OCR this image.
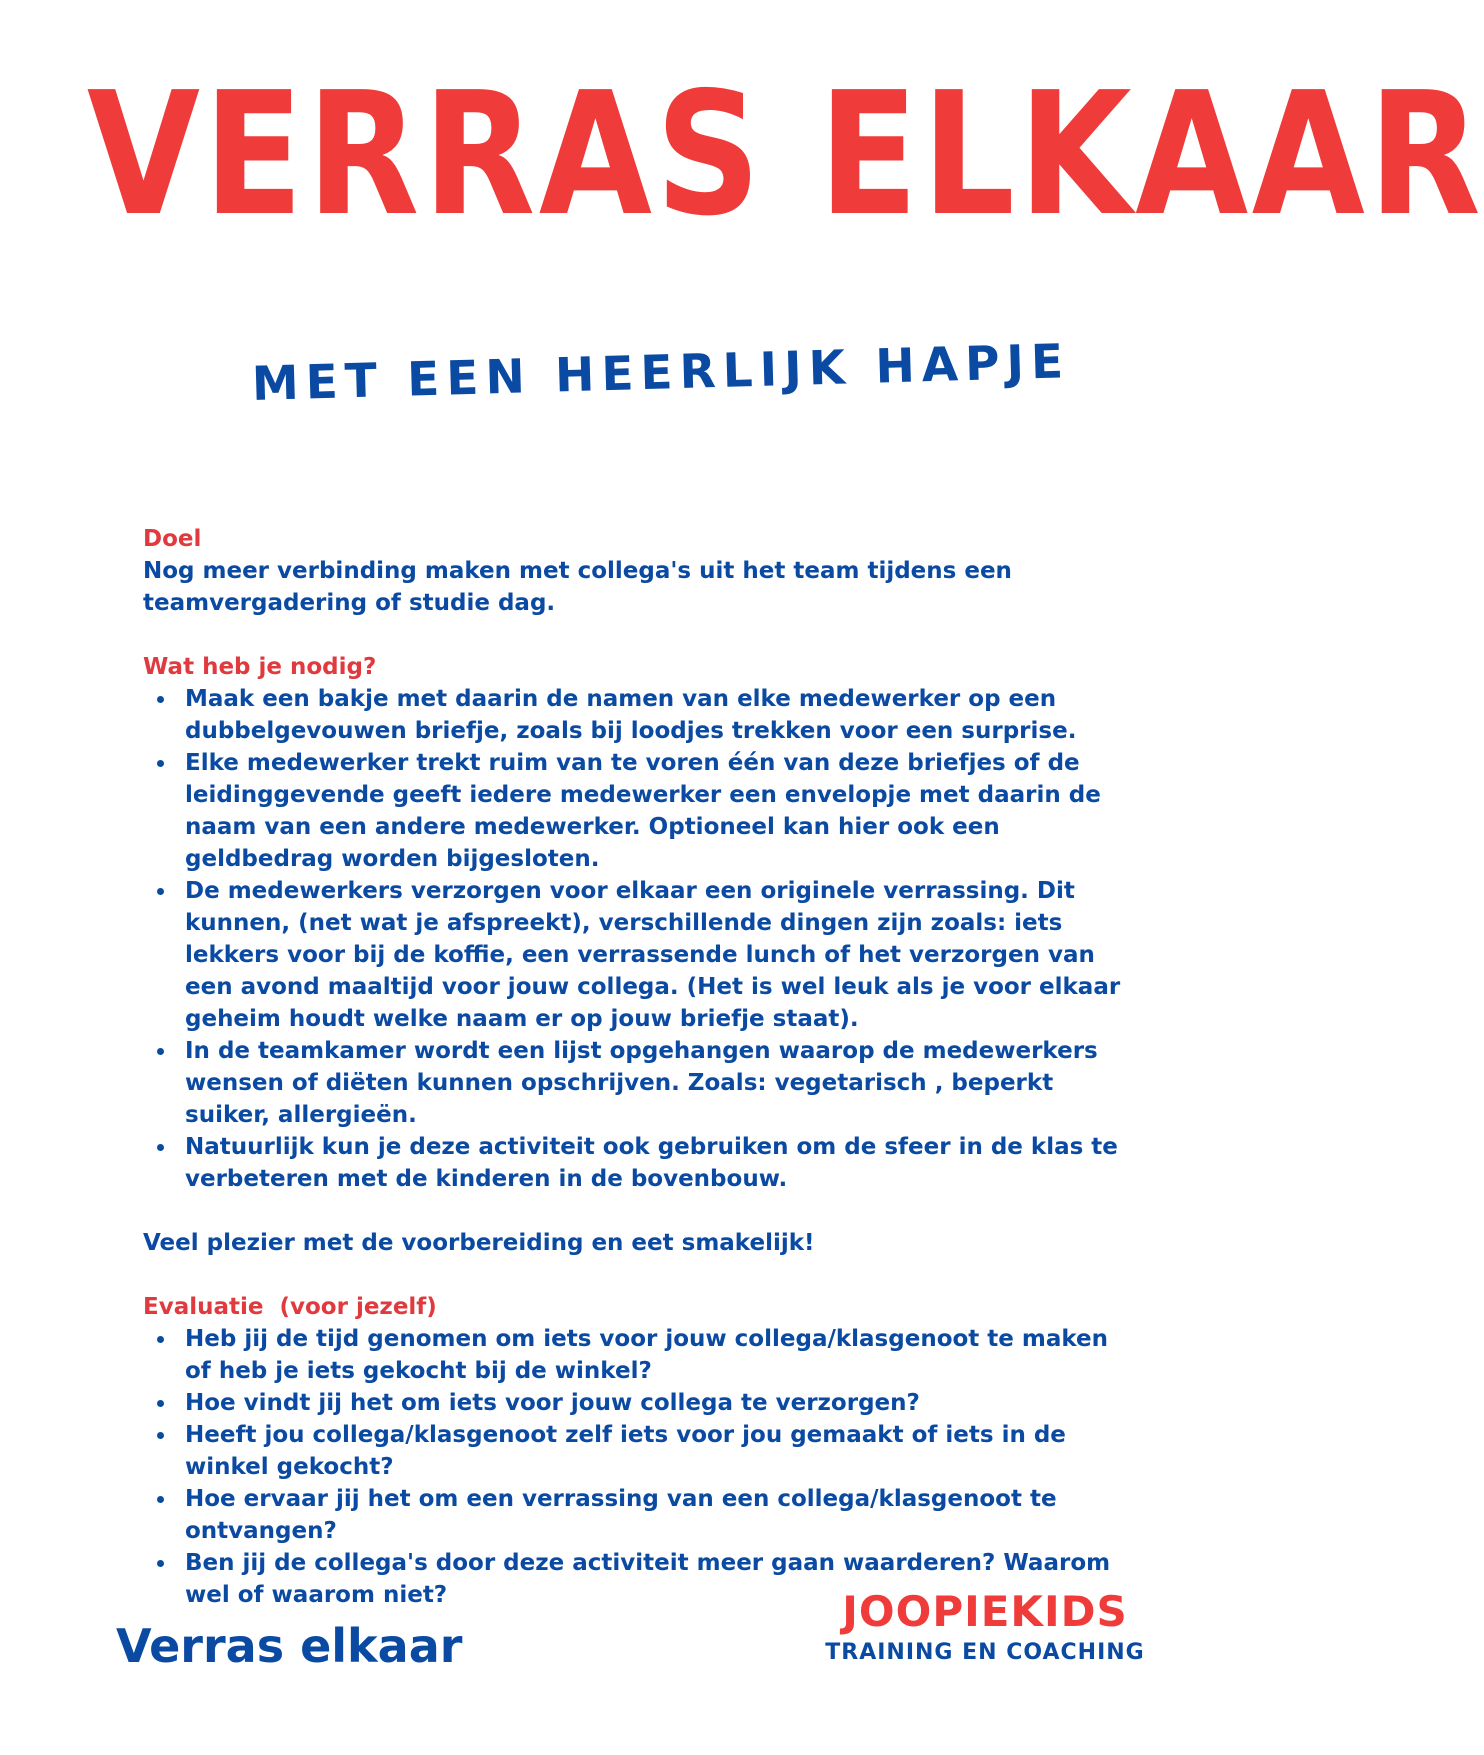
VERRAS ELKAAR
MET EEN HEERLIJK HAPJE

Doel

Nog meer verbinding maken met collega's uit het team tijdens een teamvergadering of studie dag.

Wat heb je nodig?

Maak een bakje met daarin de namen van elke medewerker op een dubbelgevouwen briefje, zoals bij loodjes trekken voor een surprise.
Elke medewerker trekt ruim van te voren één van deze briefjes of de leidinggevende geeft iedere medewerker een envelopje met daarin de naam van een andere medewerker. Optioneel kan hier ook een geldbedrag worden bijgesloten.
De medewerkers verzorgen voor elkaar een originele verrassing. Dit kunnen, (net wat je afspreekt), verschillende dingen zijn zoals: iets lekkers voor bij de koffie, een verrassende lunch of het verzorgen van een avond maaltijd voor jouw collega. (Het is wel leuk als je voor elkaar geheim houdt welke naam er op jouw briefje staat).
In de teamkamer wordt een lijst opgehangen waarop de medewerkers wensen of diëten kunnen opschrijven. Zoals: vegetarisch , beperkt suiker, allergieën.
Natuurlijk kun je deze activiteit ook gebruiken om de sfeer in de klas te verbeteren met de kinderen in de bovenbouw.

Veel plezier met de voorbereiding en eet smakelijk!

Evaluatie  (voor jezelf)

Heb jij de tijd genomen om iets voor jouw collega/klasgenoot te maken of heb je iets gekocht bij de winkel?
Hoe vindt jij het om iets voor jouw collega te verzorgen?
Heeft jou collega/klasgenoot zelf iets voor jou gemaakt of iets in de winkel gekocht?
Hoe ervaar jij het om een verrassing van een collega/klasgenoot te ontvangen?
Ben jij de collega's door deze activiteit meer gaan waarderen? Waarom wel of waarom niet?
Verras elkaar
JOOPIEKIDS
TRAINING EN COACHING
